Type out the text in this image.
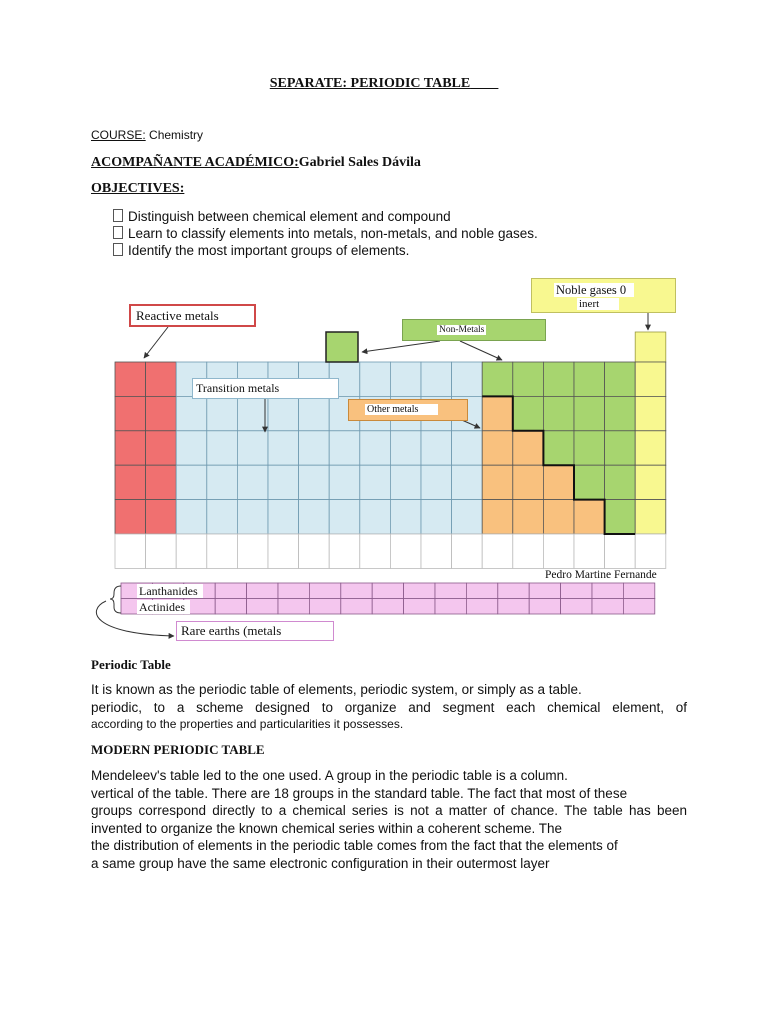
SEPARATE: PERIODIC TABLE____
COURSE: Chemistry
ACOMPAÑANTE ACADÉMICO:Gabriel Sales Dávila
OBJECTIVES:
Distinguish between chemical element and compound
Learn to classify elements into metals, non-metals, and noble gases.
Identify the most important groups of elements.
Reactive metals
Transition metals
Non-Metals
Other metals
Noble gases 0
inert
Pedro Martine Fernande
Lanthanides
Actinides
Rare earths (metals
Periodic Table

It is known as the periodic table of elements, periodic system, or simply as a table.

periodic, to a scheme designed to organize and segment each chemical element, of

according to the properties and particularities it possesses.

MODERN PERIODIC TABLE

Mendeleev's table led to the one used. A group in the periodic table is a column.

vertical of the table. There are 18 groups in the standard table. The fact that most of these

groups correspond directly to a chemical series is not a matter of chance. The table has been

invented to organize the known chemical series within a coherent scheme. The

the distribution of elements in the periodic table comes from the fact that the elements of

a same group have the same electronic configuration in their outermost layer
